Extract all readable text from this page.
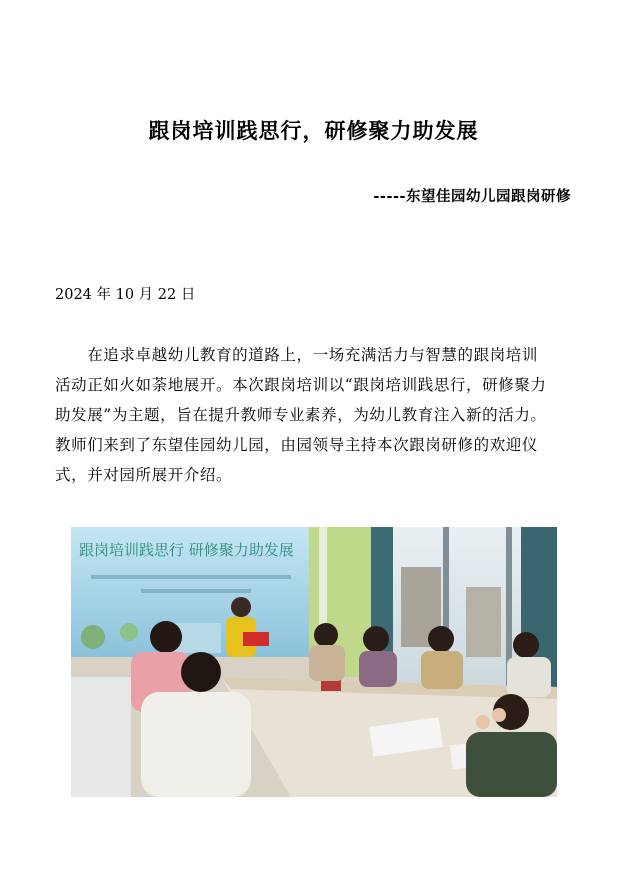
跟岗培训践思行，研修聚力助发展
-----东望佳园幼儿园跟岗研修
2024 年 10 月 22 日
　　在追求卓越幼儿教育的道路上，一场充满活力与智慧的跟岗培训
活动正如火如荼地展开。本次跟岗培训以“跟岗培训践思行，研修聚力
助发展”为主题，旨在提升教师专业素养，为幼儿教育注入新的活力。
教师们来到了东望佳园幼儿园，由园领导主持本次跟岗研修的欢迎仪
式，并对园所展开介绍。
跟岗培训践思行 研修聚力助发展
